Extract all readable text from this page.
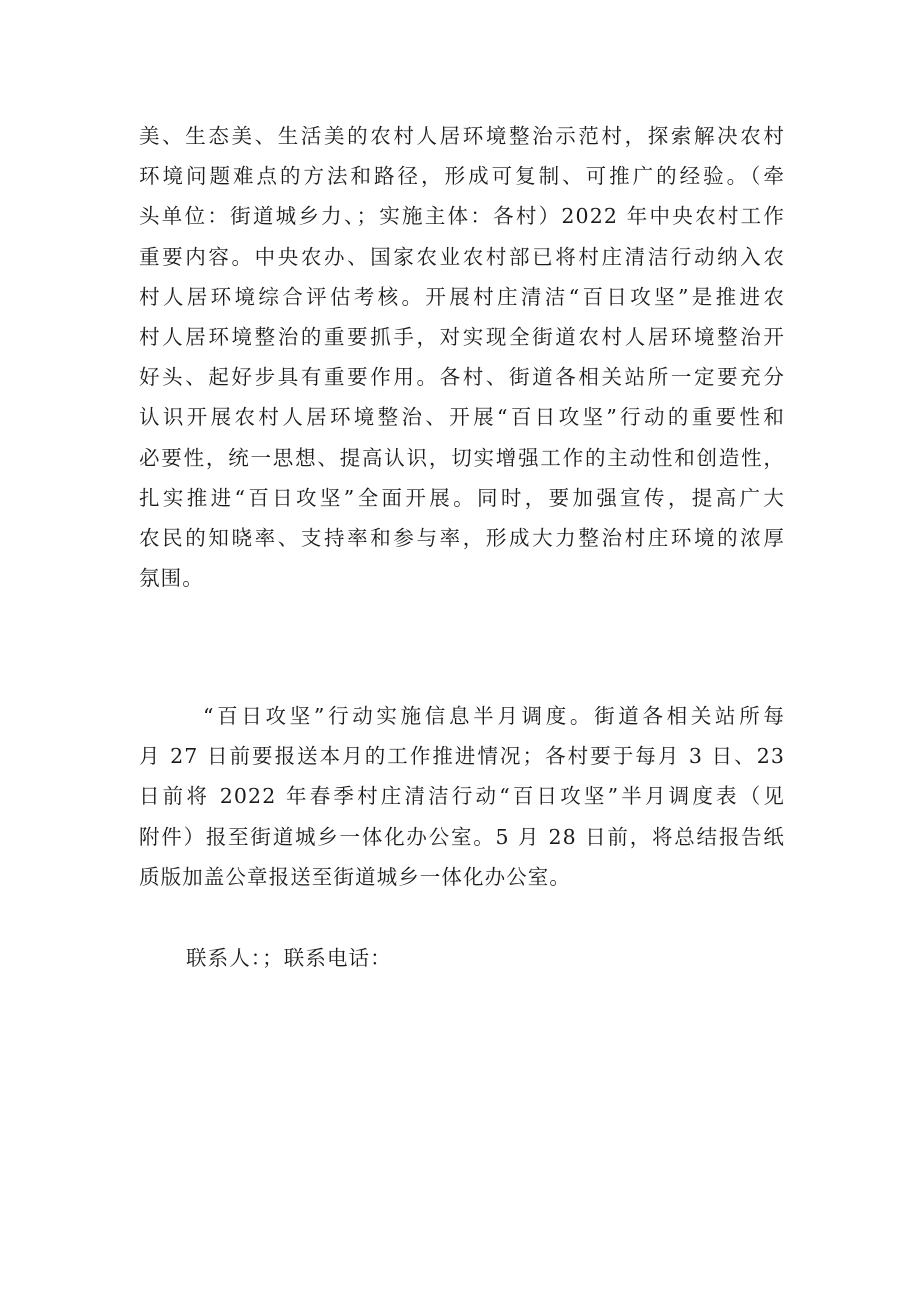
美、生态美、生活美的农村人居环境整治示范村，探索解决农村
环境问题难点的方法和路径，形成可复制、可推广的经验。（牵
头单位：街道城乡力、；实施主体：各村）2022 年中央农村工作
重要内容。中央农办、国家农业农村部已将村庄清洁行动纳入农
村人居环境综合评估考核。开展村庄清洁“百日攻坚”是推进农
村人居环境整治的重要抓手，对实现全街道农村人居环境整治开
好头、起好步具有重要作用。各村、街道各相关站所一定要充分
认识开展农村人居环境整治、开展“百日攻坚”行动的重要性和
必要性，统一思想、提高认识，切实增强工作的主动性和创造性，
扎实推进“百日攻坚”全面开展。同时，要加强宣传，提高广大
农民的知晓率、支持率和参与率，形成大力整治村庄环境的浓厚
氛围。
“百日攻坚”行动实施信息半月调度。街道各相关站所每
月 27 日前要报送本月的工作推进情况；各村要于每月 3 日、23
日前将 2022 年春季村庄清洁行动“百日攻坚”半月调度表（见
附件）报至街道城乡一体化办公室。5 月 28 日前，将总结报告纸
质版加盖公章报送至街道城乡一体化办公室。
联系人：；联系电话：
